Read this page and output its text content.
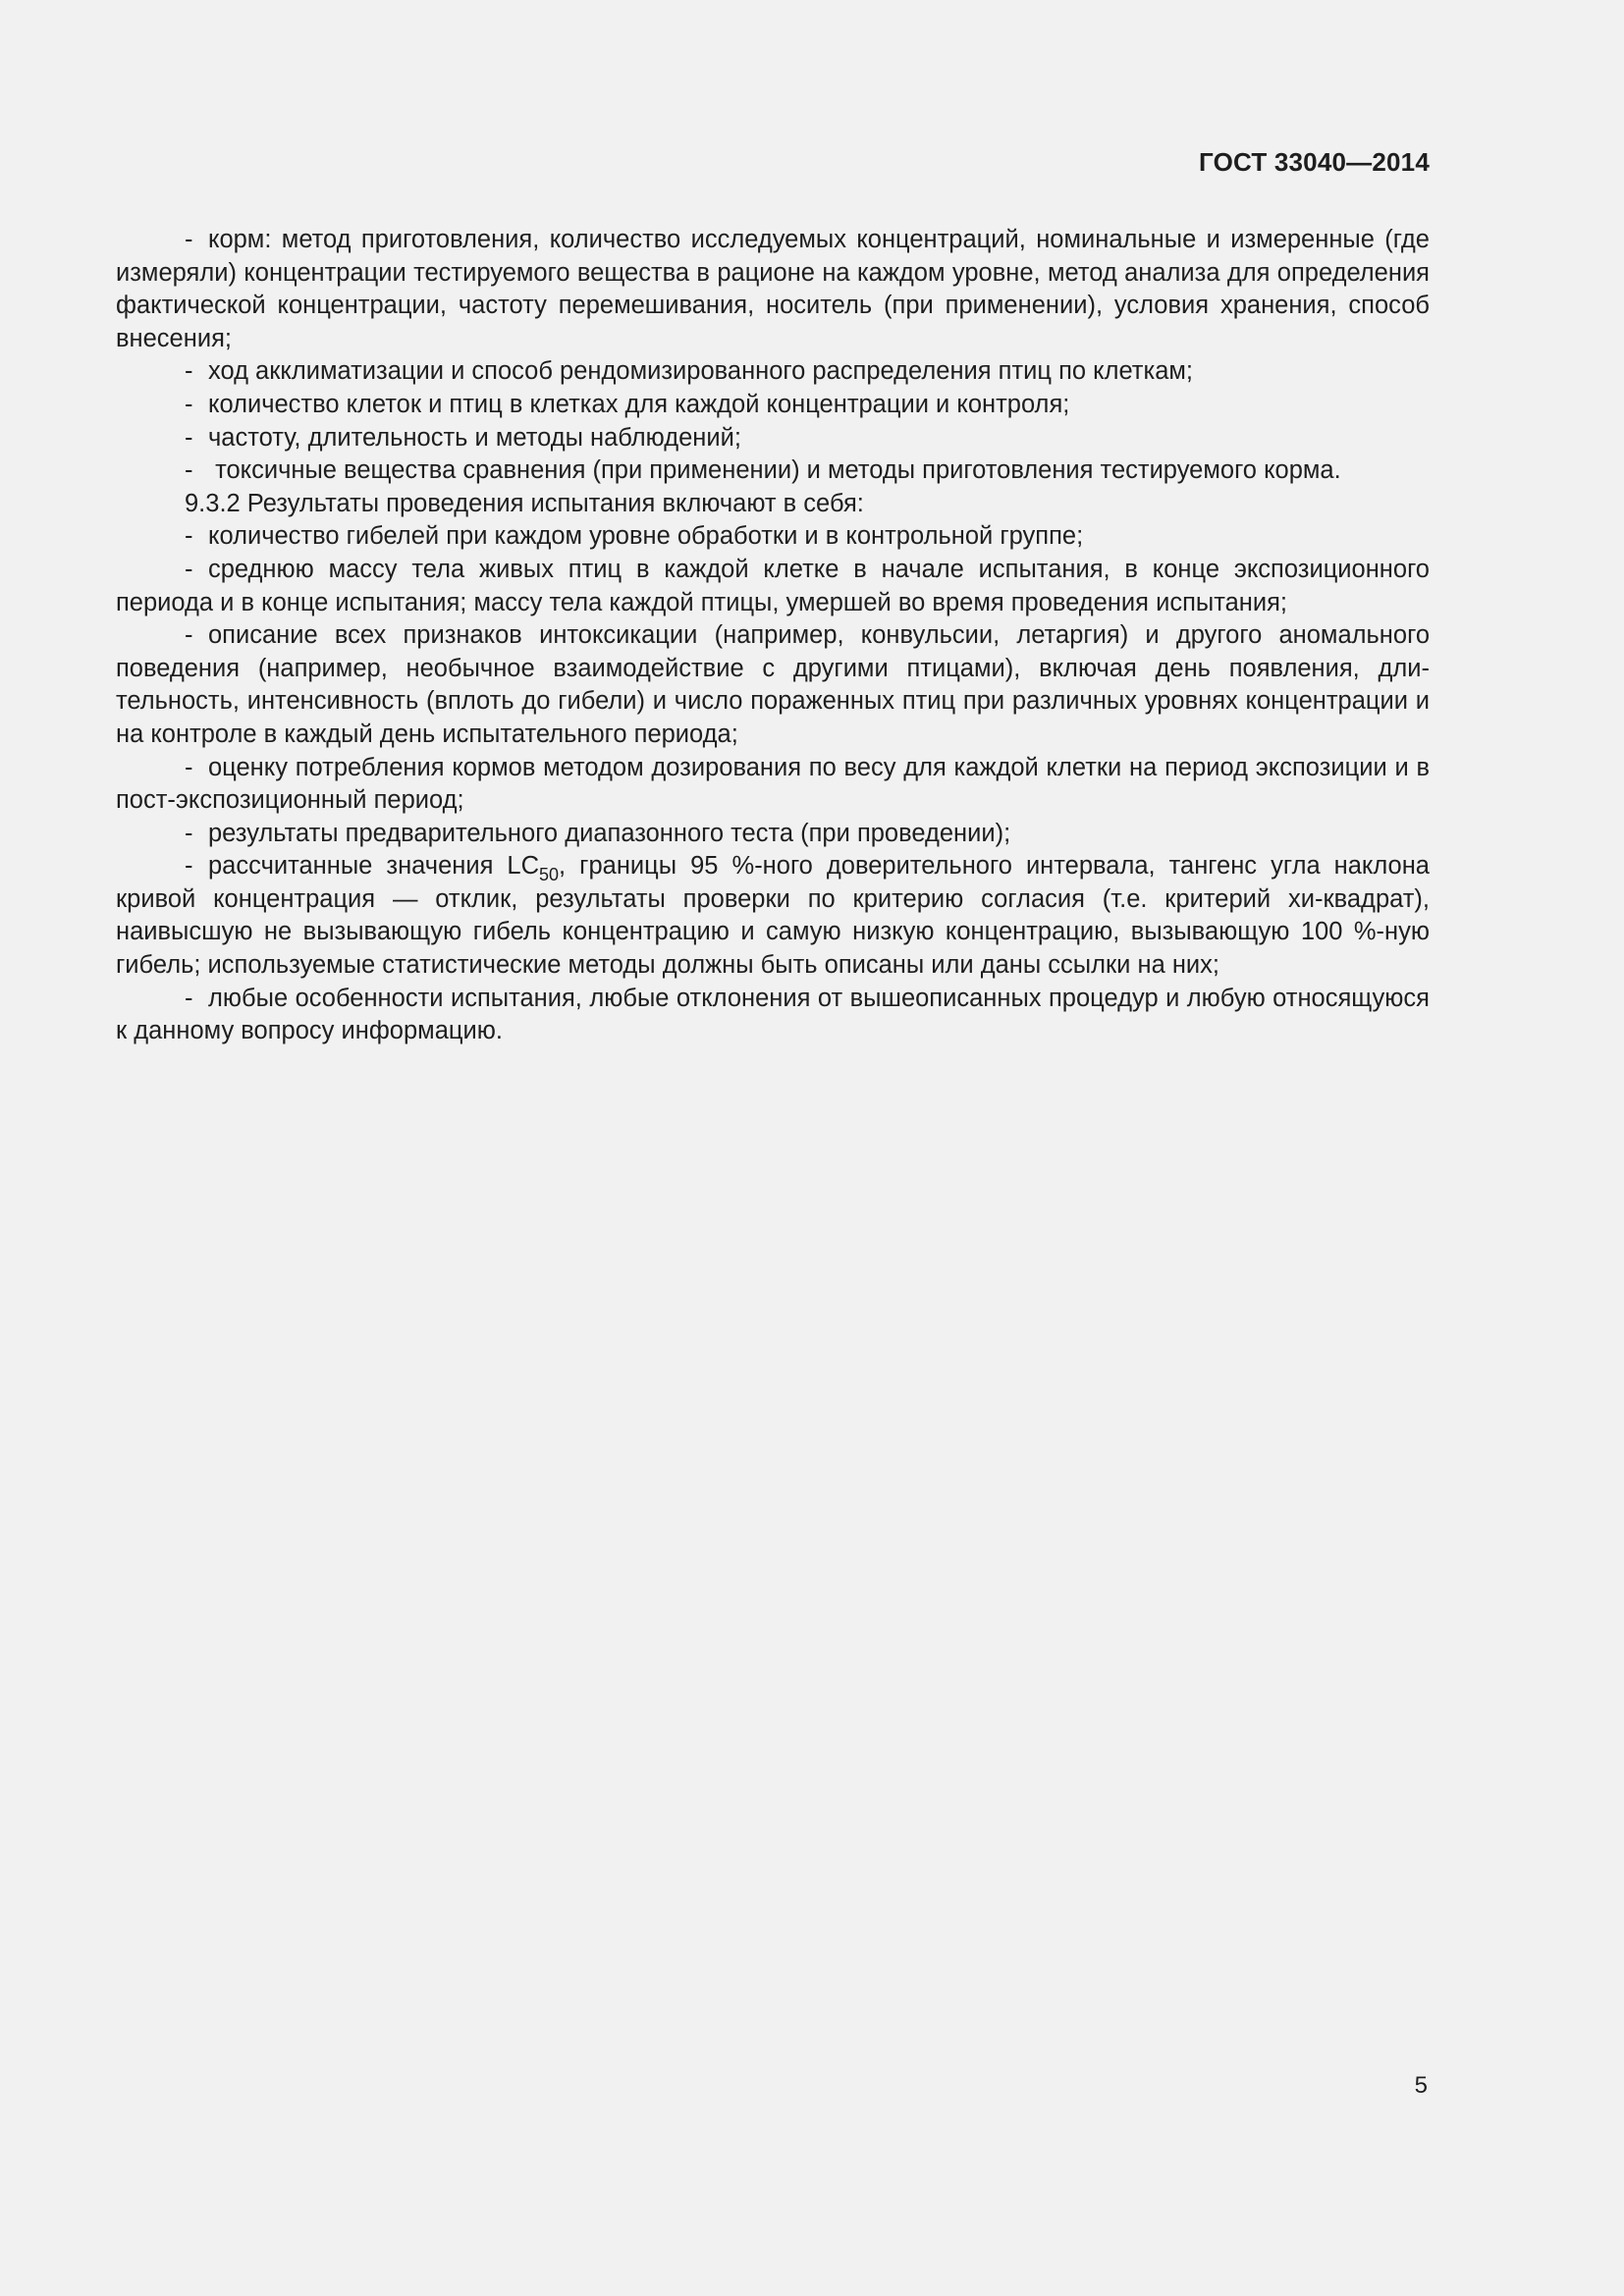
ГОСТ 33040—2014

- корм: метод приготовления, количество исследуемых концентраций, номинальные и измеренные (где измеряли) концентрации тестируемого вещества в рационе на каждом уровне, метод анализа для определения фактической концентрации, частоту перемешивания, носитель (при применении), условия хранения, способ внесения;

- ход акклиматизации и способ рендомизированного распределения птиц по клеткам;

- количество клеток и птиц в клетках для каждой концентрации и контроля;

- частоту, длительность и методы наблюдений;

- токсичные вещества сравнения (при применении) и методы приготовления тестируемого корма.

9.3.2 Результаты проведения испытания включают в себя:

- количество гибелей при каждом уровне обработки и в контрольной группе;

- среднюю массу тела живых птиц в каждой клетке в начале испытания, в конце экспозиционного периода и в конце испытания; массу тела каждой птицы, умершей во время проведения испытания;

- описание всех признаков интоксикации (например, конвульсии, летаргия) и другого аномального поведения (например, необычное взаимодействие с другими птицами), включая день появления, длительность, интенсивность (вплоть до гибели) и число пораженных птиц при различных уровнях концентрации и на контроле в каждый день испытательного периода;

- оценку потребления кормов методом дозирования по весу для каждой клетки на период экспозиции и в пост-экспозиционный период;

- результаты предварительного диапазонного теста (при проведении);

- рассчитанные значения $LC_{50}$, границы 95 %-ного доверительного интервала, тангенс угла наклона кривой концентрация — отклик, результаты проверки по критерию согласия (т.е. критерий хи-квадрат), наивысшую не вызывающую гибель концентрацию и самую низкую концентрацию, вызывающую 100 %-ную гибель; используемые статистические методы должны быть описаны или даны ссылки на них;

- любые особенности испытания, любые отклонения от вышеописанных процедур и любую относящуюся к данному вопросу информацию.

5
